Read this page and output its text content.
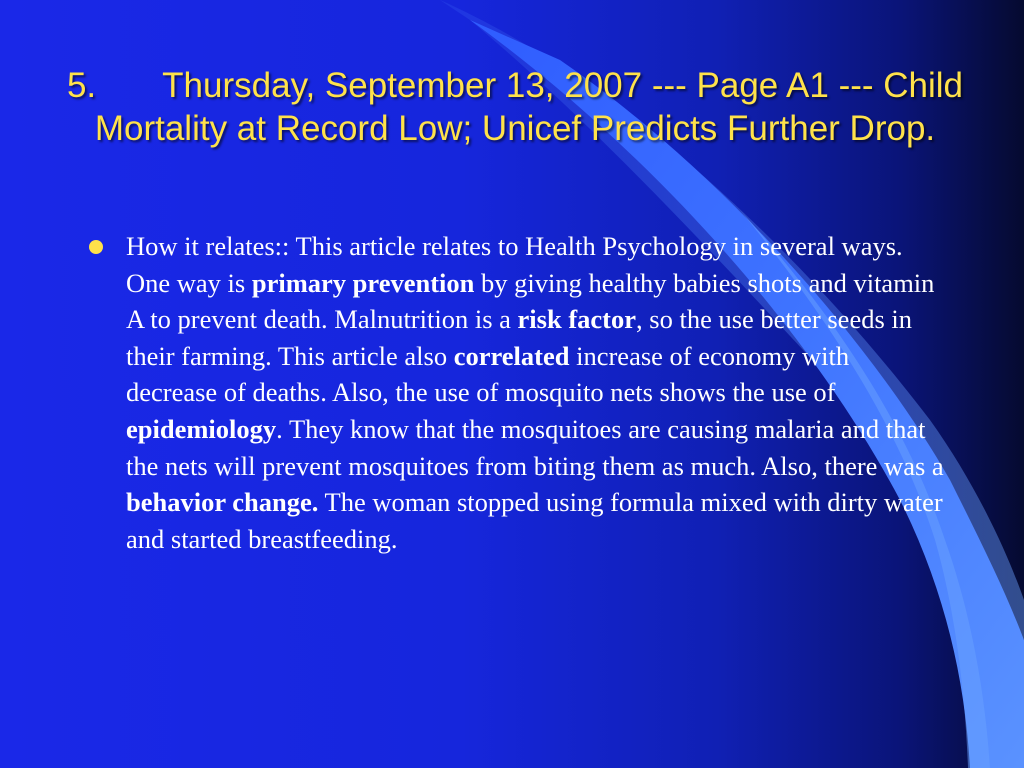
5. Thursday, September 13, 2007 --- Page A1 --- Child Mortality at Record Low; Unicef Predicts Further Drop.
How it relates:: This article relates to Health Psychology in several ways. One way is primary prevention by giving healthy babies shots and vitamin A to prevent death. Malnutrition is a risk factor, so the use better seeds in their farming. This article also correlated increase of economy with decrease of deaths. Also, the use of mosquito nets shows the use of epidemiology. They know that the mosquitoes are causing malaria and that the nets will prevent mosquitoes from biting them as much. Also, there was a behavior change. The woman stopped using formula mixed with dirty water and started breastfeeding.
